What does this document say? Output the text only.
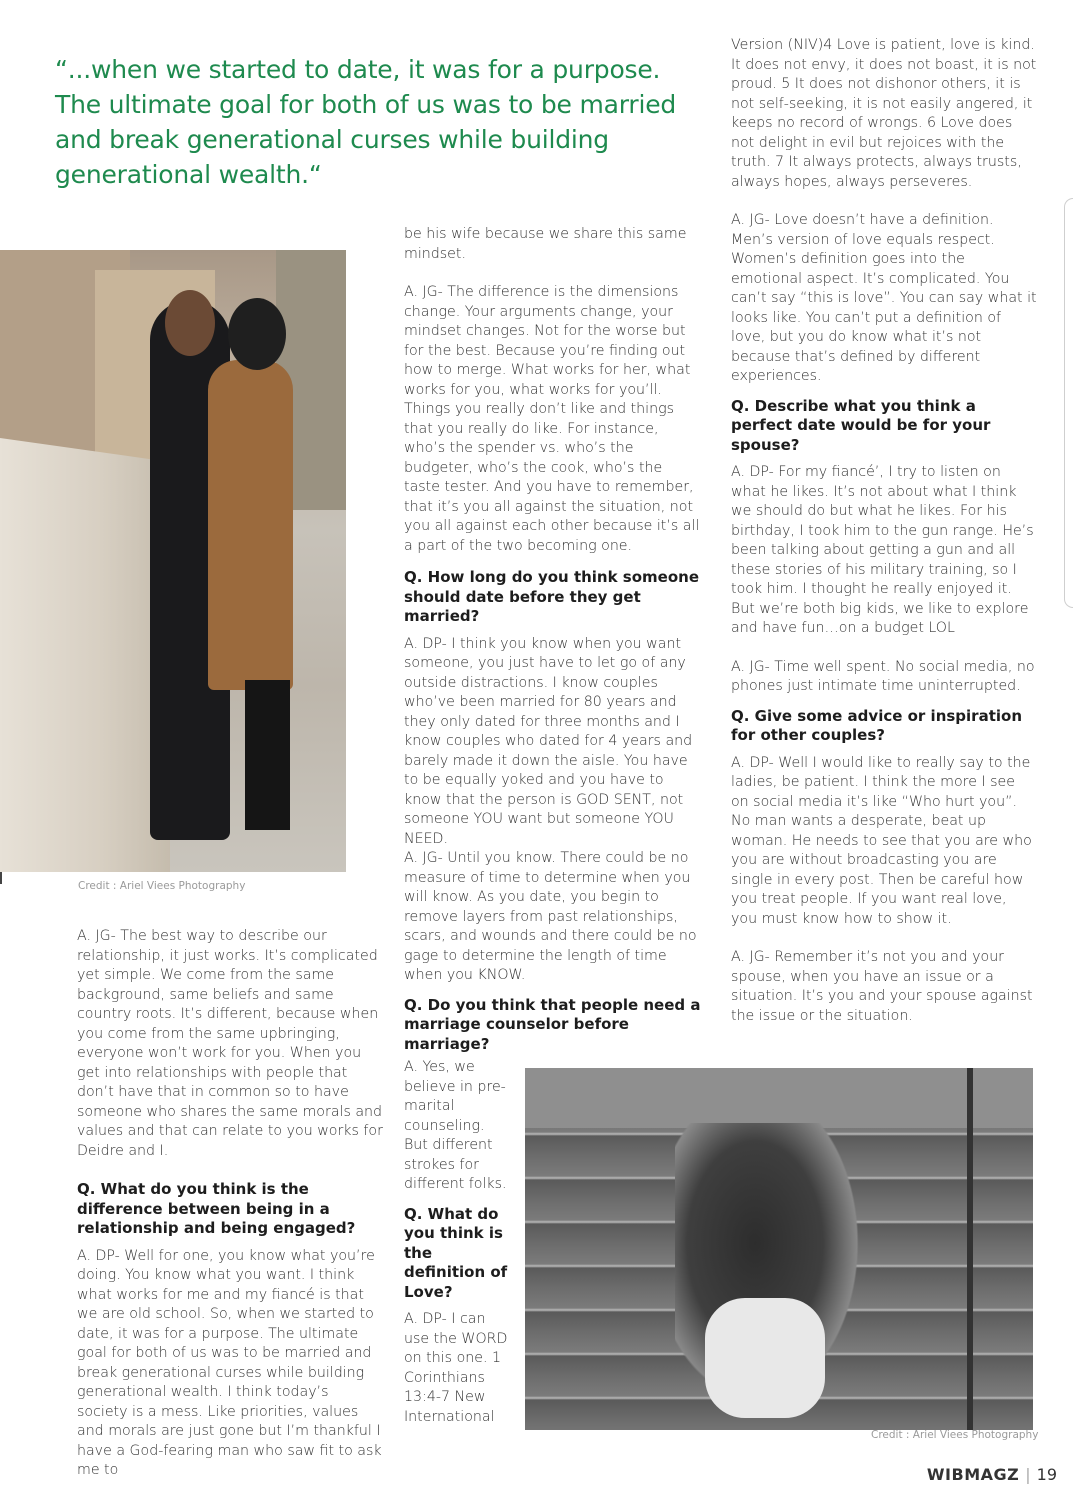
“...when we started to date, it was for a purpose. The ultimate goal for both of us was to be married and break generational curses while building generational wealth.“
Credit : Ariel Viees Photography

A. JG- The best way to describe our relationship, it just works. It’s complicated yet simple. We come from the same background, same beliefs and same country roots. It’s different, because when you come from the same upbringing, everyone won’t work for you. When you get into relationships with people that don’t have that in common so to have someone who shares the same morals and values and that can relate to you works for Deidre and I.

Q. What do you think is the difference between being in a relationship and being engaged?

A. DP- Well for one, you know what you’re doing. You know what you want. I think what works for me and my fiancé is that we are old school. So, when we started to date, it was for a purpose. The ultimate goal for both of us was to be married and break generational curses while building generational wealth. I think today’s society is a mess. Like priorities, values and morals are just gone but I’m thankful I have a God-fearing man who saw fit to ask me to

be his wife because we share this same mindset.

A. JG- The difference is the dimensions change. Your arguments change, your mindset changes. Not for the worse but for the best. Because you’re finding out how to merge. What works for her, what works for you, what works for you’ll. Things you really don’t like and things that you really do like. For instance, who’s the spender vs. who’s the budgeter, who’s the cook, who’s the taste tester. And you have to remember, that it’s you all against the situation, not you all against each other because it’s all a part of the two becoming one.

Q. How long do you think someone should date before they get married?

A. DP- I think you know when you want someone, you just have to let go of any outside distractions. I know couples who’ve been married for 80 years and they only dated for three months and I know couples who dated for 4 years and barely made it down the aisle. You have to be equally yoked and you have to know that the person is GOD SENT, not someone YOU want but someone YOU NEED.

A. JG- Until you know. There could be no measure of time to determine when you will know. As you date, you begin to remove layers from past relationships, scars, and wounds and there could be no gage to determine the length of time when you KNOW.

Q. Do you think that people need a marriage counselor before marriage?

A. Yes, we believe in pre-marital counseling. But different strokes for different folks.

Q. What do you think is the definition of Love?

A. DP- I can use the WORD on this one. 1 Corinthians 13:4-7 New International

Version (NIV)4 Love is patient, love is kind. It does not envy, it does not boast, it is not proud. 5 It does not dishonor others, it is not self-seeking, it is not easily angered, it keeps no record of wrongs. 6 Love does not delight in evil but rejoices with the truth. 7 It always protects, always trusts, always hopes, always perseveres.

A. JG- Love doesn’t have a definition. Men’s version of love equals respect. Women’s definition goes into the emotional aspect. It’s complicated. You can’t say “this is love”. You can say what it looks like. You can’t put a definition of love, but you do know what it’s not because that’s defined by different experiences.

Q. Describe what you think a perfect date would be for your spouse?

A. DP- For my fiancé’, I try to listen on what he likes. It’s not about what I think we should do but what he likes. For his birthday, I took him to the gun range. He’s been talking about getting a gun and all these stories of his military training, so I took him. I thought he really enjoyed it. But we’re both big kids, we like to explore and have fun…on a budget LOL

A. JG- Time well spent. No social media, no phones just intimate time uninterrupted.

Q. Give some advice or inspiration for other couples?

A. DP- Well I would like to really say to the ladies, be patient. I think the more I see on social media it’s like “Who hurt you”. No man wants a desperate, beat up woman. He needs to see that you are who you are without broadcasting you are single in every post. Then be careful how you treat people. If you want real love, you must know how to show it.

A. JG- Remember it’s not you and your spouse, when you have an issue or a situation. It’s you and your spouse against the issue or the situation.

Credit : Ariel Viees Photography
WIBMAGZ | 19
